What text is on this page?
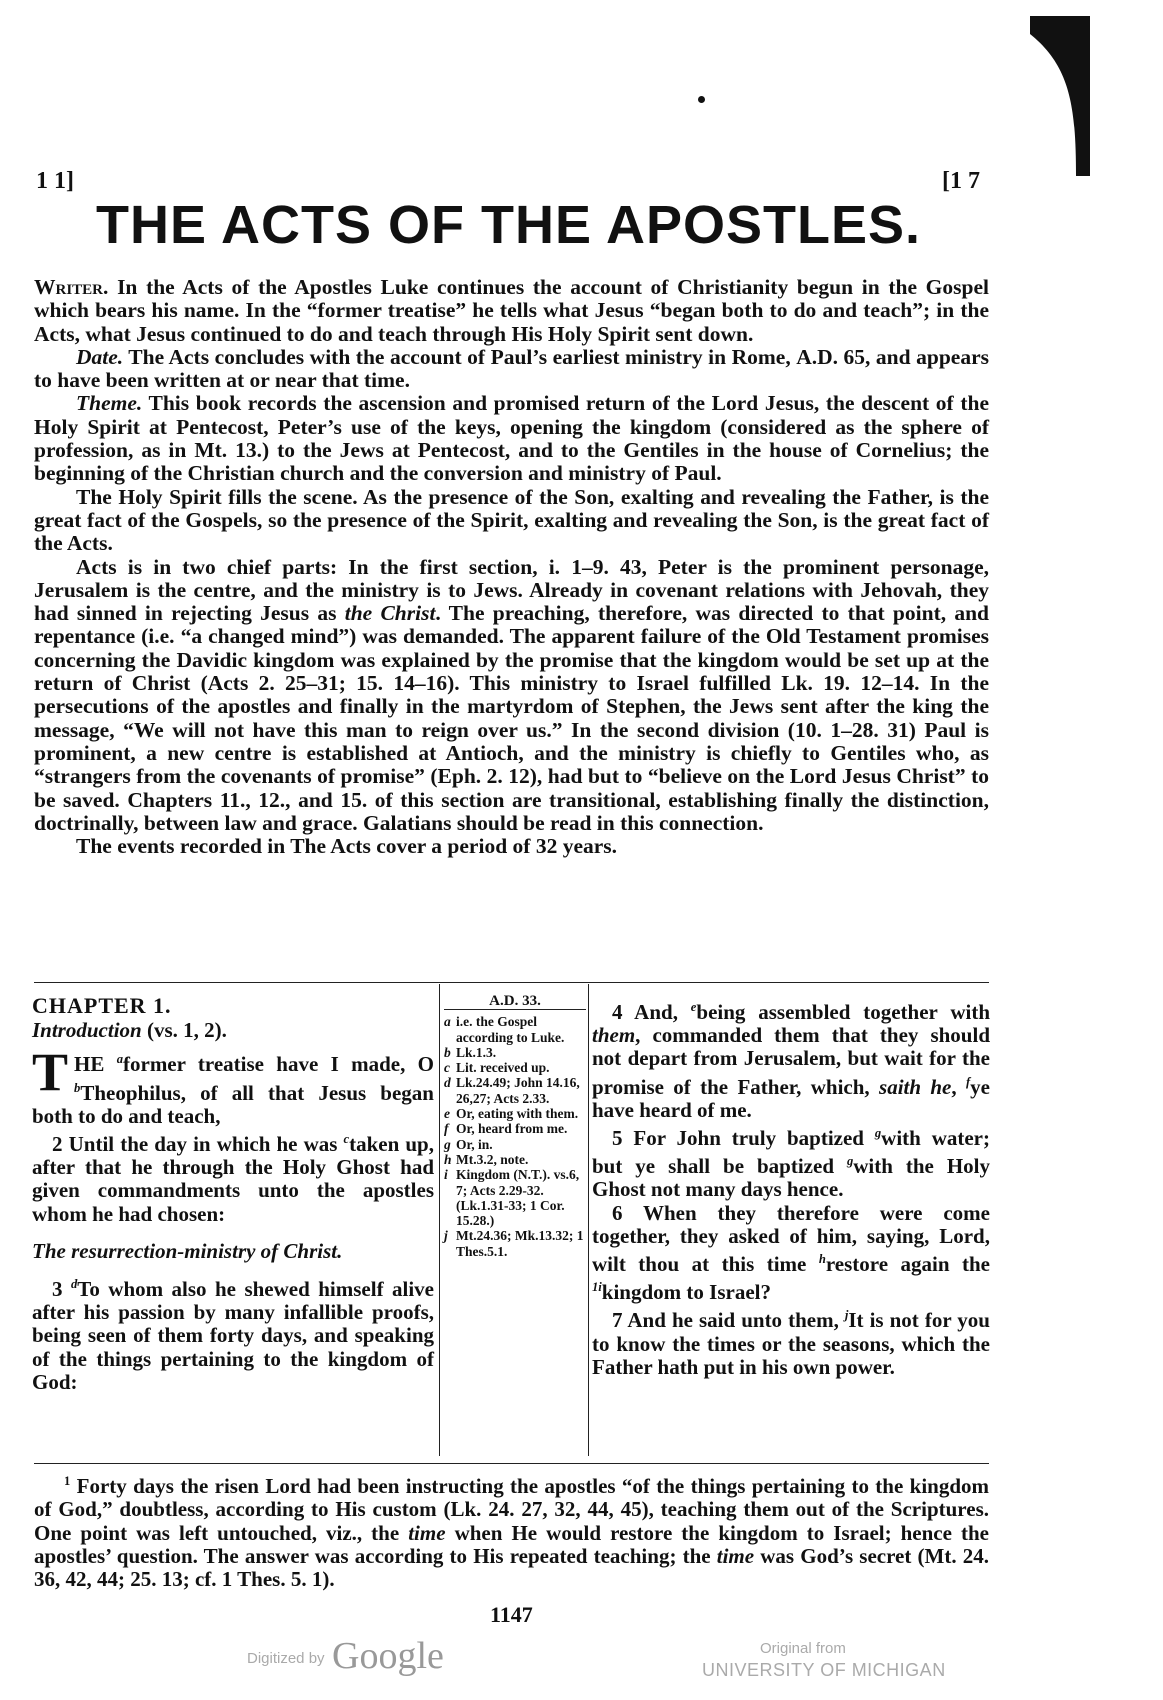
1 1]	[1 7
THE ACTS OF THE APOSTLES.

Writer. In the Acts of the Apostles Luke continues the account of Christianity begun in the Gospel which bears his name. In the “former treatise” he tells what Jesus “began both to do and teach”; in the Acts, what Jesus continued to do and teach through His Holy Spirit sent down.

Date. The Acts concludes with the account of Paul’s earliest ministry in Rome, A.D. 65, and appears to have been written at or near that time.

Theme. This book records the ascension and promised return of the Lord Jesus, the descent of the Holy Spirit at Pentecost, Peter’s use of the keys, opening the kingdom (considered as the sphere of profession, as in Mt. 13.) to the Jews at Pentecost, and to the Gentiles in the house of Cornelius; the beginning of the Christian church and the conversion and ministry of Paul.

The Holy Spirit fills the scene. As the presence of the Son, exalting and revealing the Father, is the great fact of the Gospels, so the presence of the Spirit, exalting and revealing the Son, is the great fact of the Acts.

Acts is in two chief parts: In the first section, i. 1–9. 43, Peter is the prominent personage, Jerusalem is the centre, and the ministry is to Jews. Already in covenant relations with Jehovah, they had sinned in rejecting Jesus as the Christ. The preaching, therefore, was directed to that point, and repentance (i.e. “a changed mind”) was demanded. The apparent failure of the Old Testament promises concerning the Davidic kingdom was explained by the promise that the kingdom would be set up at the return of Christ (Acts 2. 25–31; 15. 14–16). This ministry to Israel fulfilled Lk. 19. 12–14. In the persecutions of the apostles and finally in the martyrdom of Stephen, the Jews sent after the king the message, “We will not have this man to reign over us.” In the second division (10. 1–28. 31) Paul is prominent, a new centre is established at Antioch, and the ministry is chiefly to Gentiles who, as “strangers from the covenants of promise” (Eph. 2. 12), had but to “believe on the Lord Jesus Christ” to be saved. Chapters 11., 12., and 15. of this section are transitional, establishing finally the distinction, doctrinally, between law and grace. Galatians should be read in this connection.

The events recorded in The Acts cover a period of 32 years.

CHAPTER 1.

Introduction (vs. 1, 2).

THE $^a$former treatise have I made, O $^b$Theophilus, of all that Jesus began both to do and teach,

2 Until the day in which he was $^c$taken up, after that he through the Holy Ghost had given commandments unto the apostles whom he had chosen:

The resurrection-ministry of Christ.

3 $^d$To whom also he shewed himself alive after his passion by many infallible proofs, being seen of them forty days, and speaking of the things pertaining to the kingdom of God:

A.D. 33.
a i.e. the Gospel according to Luke.
b Lk.1.3.
c Lit. received up.
d Lk.24.49; John 14.16, 26,27; Acts 2.33.
e Or, eating with them.
f Or, heard from me.
g Or, in.
h Mt.3.2, note.
i Kingdom (N.T.). vs.6, 7; Acts 2.29-32. (Lk.1.31-33; 1 Cor. 15.28.)
j Mt.24.36; Mk.13.32; 1 Thes.5.1.

4 And, $^e$being assembled together with them, commanded them that they should not depart from Jerusalem, but wait for the promise of the Father, which, saith he, $^f$ye have heard of me.

5 For John truly baptized $^g$with water; but ye shall be baptized $^g$with the Holy Ghost not many days hence.

6 When they therefore were come together, they asked of him, saying, Lord, wilt thou at this time $^h$restore again the $^{1i}$kingdom to Israel?

7 And he said unto them, $^j$It is not for you to know the times or the seasons, which the Father hath put in his own power.

$^1$ Forty days the risen Lord had been instructing the apostles “of the things pertaining to the kingdom of God,” doubtless, according to His custom (Lk. 24. 27, 32, 44, 45), teaching them out of the Scriptures. One point was left untouched, viz., the time when He would restore the kingdom to Israel; hence the apostles’ question. The answer was according to His repeated teaching; the time was God’s secret (Mt. 24. 36, 42, 44; 25. 13; cf. 1 Thes. 5. 1).

1147
Digitized by Google	Original from
UNIVERSITY OF MICHIGAN
